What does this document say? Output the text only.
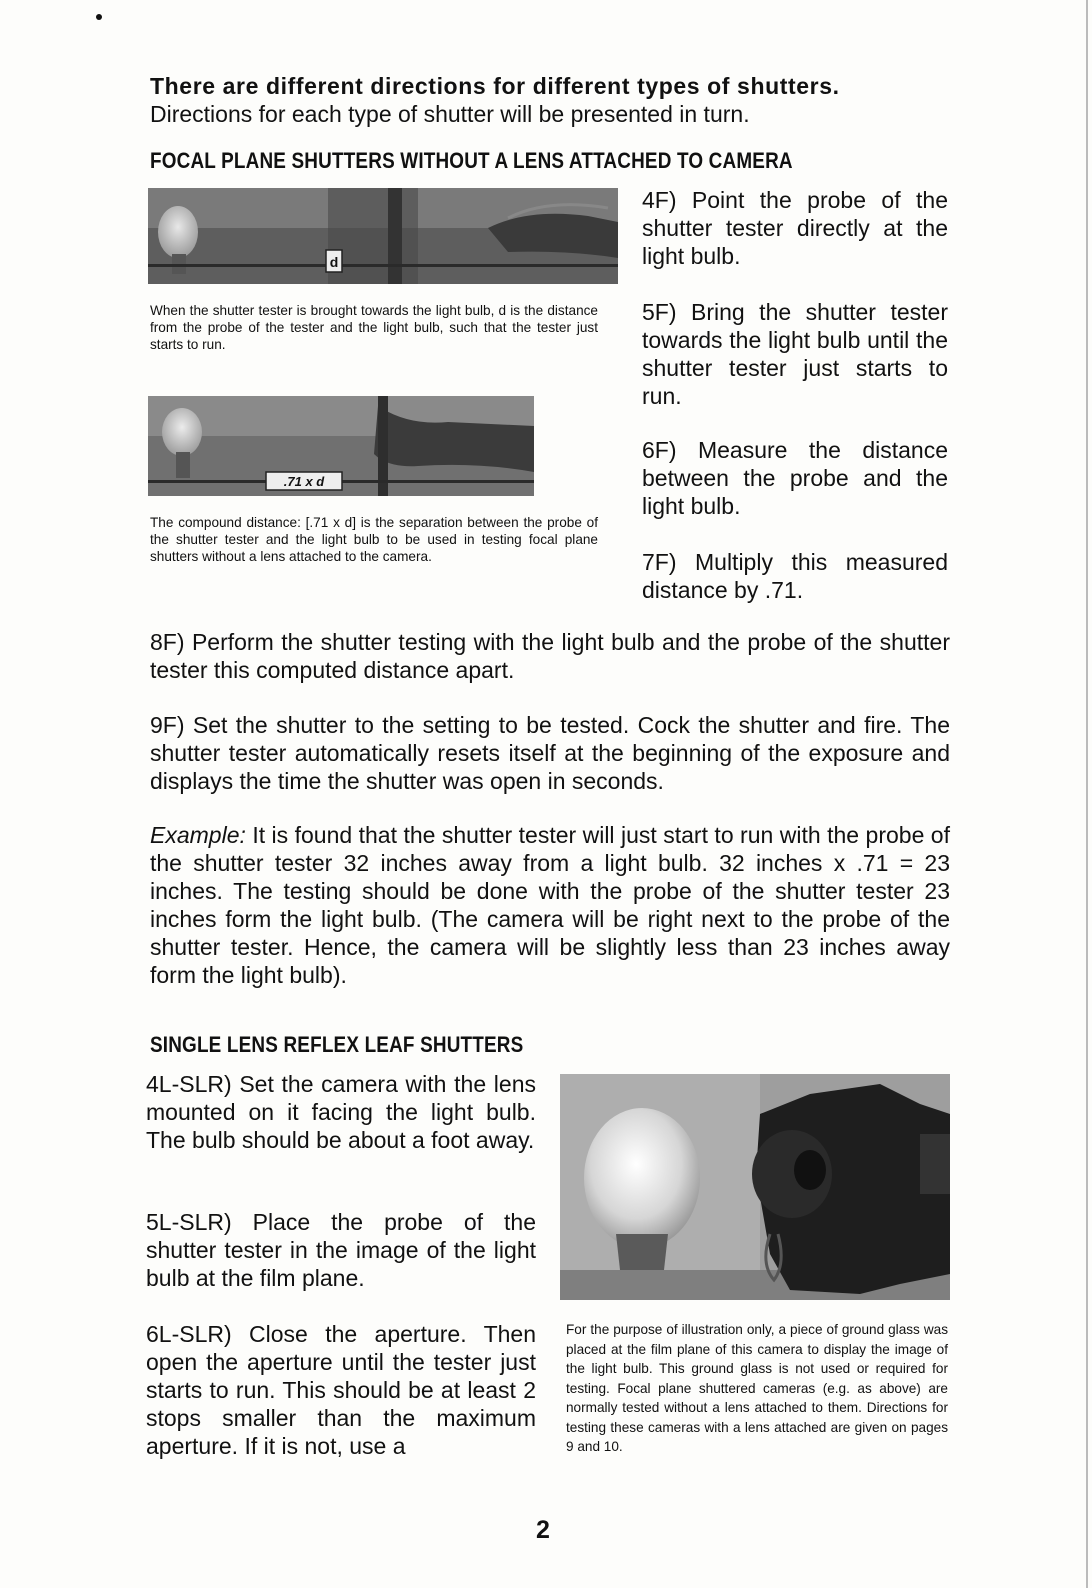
There are different directions for different types of shutters.
Directions for each type of shutter will be presented in turn.
FOCAL PLANE SHUTTERS WITHOUT A LENS ATTACHED TO CAMERA
d
When the shutter tester is brought towards the light bulb, d is the distance from the probe of the tester and the light bulb, such that the tester just starts to run.
.71 x d
The compound distance: [.71 x d] is the separation between the probe of the shutter tester and the light bulb to be used in testing focal plane shutters without a lens attached to the camera.
4F) Point the probe of the shutter tester directly at the light bulb.
5F) Bring the shutter tester towards the light bulb until the shutter tester just starts to run.
6F) Measure the distance between the probe and the light bulb.
7F) Multiply this measured distance by .71.
8F) Perform the shutter testing with the light bulb and the probe of the shutter tester this computed distance apart.
9F) Set the shutter to the setting to be tested. Cock the shutter and fire. The shutter tester automatically resets itself at the beginning of the exposure and displays the time the shutter was open in seconds.
Example: It is found that the shutter tester will just start to run with the probe of the shutter tester 32 inches away from a light bulb. 32 inches x .71 = 23 inches. The testing should be done with the probe of the shutter tester 23 inches form the light bulb. (The camera will be right next to the probe of the shutter tester. Hence, the camera will be slightly less than 23 inches away form the light bulb).
SINGLE LENS REFLEX LEAF SHUTTERS
4L-SLR) Set the camera with the lens mounted on it facing the light bulb. The bulb should be about a foot away.
5L-SLR) Place the probe of the shutter tester in the image of the light bulb at the film plane.
6L-SLR) Close the aperture. Then open the aperture until the tester just starts to run. This should be at least 2 stops smaller than the maximum aperture. If it is not, use a
For the purpose of illustration only, a piece of ground glass was placed at the film plane of this camera to display the image of the light bulb. This ground glass is not used or required for testing. Focal plane shuttered cameras (e.g. as above) are normally tested without a lens attached to them. Directions for testing these cameras with a lens attached are given on pages 9 and 10.
2
